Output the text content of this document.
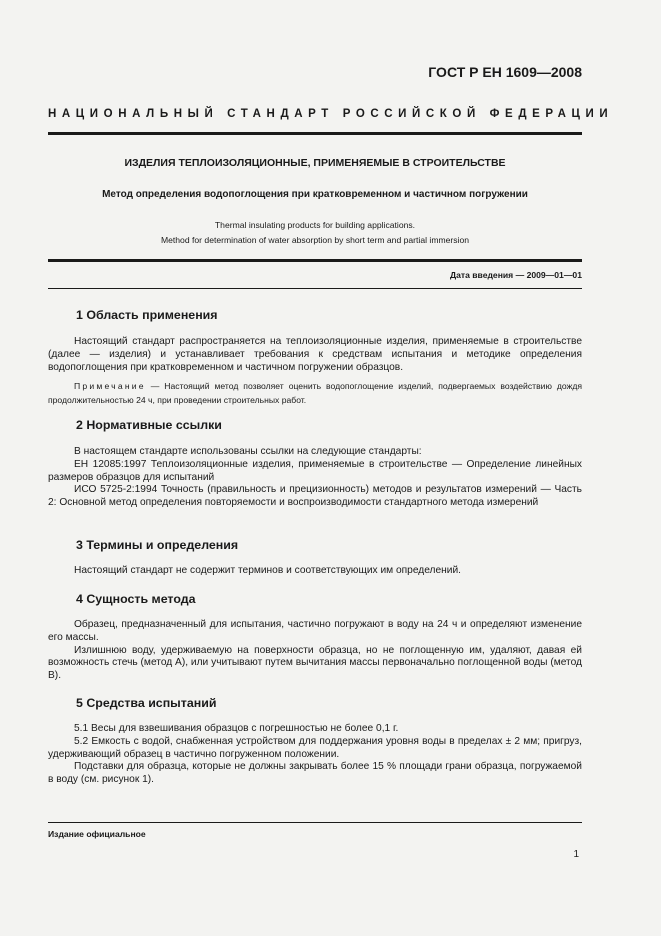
ГОСТ Р ЕН 1609—2008
НАЦИОНАЛЬНЫЙ СТАНДАРТ РОССИЙСКОЙ ФЕДЕРАЦИИ
ИЗДЕЛИЯ ТЕПЛОИЗОЛЯЦИОННЫЕ, ПРИМЕНЯЕМЫЕ В СТРОИТЕЛЬСТВЕ
Метод определения водопоглощения при кратковременном и частичном погружении
Thermal insulating products for building applications.
Method for determination of water absorption by short term and partial immersion
Дата введения — 2009—01—01
1 Область применения

Настоящий стандарт распространяется на теплоизоляционные изделия, применяемые в строительстве (далее — изделия) и устанавливает требования к средствам испытания и методике определения водопоглощения при кратковременном и частичном погружении образцов.

Примечание — Настоящий метод позволяет оценить водопоглощение изделий, подвергаемых воздействию дождя продолжительностью 24 ч, при проведении строительных работ.

2 Нормативные ссылки

В настоящем стандарте использованы ссылки на следующие стандарты:

ЕН 12085:1997 Теплоизоляционные изделия, применяемые в строительстве — Определение линейных размеров образцов для испытаний

ИСО 5725-2:1994 Точность (правильность и прецизионность) методов и результатов измерений — Часть 2: Основной метод определения повторяемости и воспроизводимости стандартного метода измерений

3 Термины и определения

Настоящий стандарт не содержит терминов и соответствующих им определений.

4 Сущность метода

Образец, предназначенный для испытания, частично погружают в воду на 24 ч и определяют изменение его массы.

Излишнюю воду, удерживаемую на поверхности образца, но не поглощенную им, удаляют, давая ей возможность стечь (метод А), или учитывают путем вычитания массы первоначально поглощенной воды (метод В).

5 Средства испытаний

5.1 Весы для взвешивания образцов с погрешностью не более 0,1 г.

5.2 Емкость с водой, снабженная устройством для поддержания уровня воды в пределах ± 2 мм; пригруз, удерживающий образец в частично погруженном положении.

Подставки для образца, которые не должны закрывать более 15 % площади грани образца, погружаемой в воду (см. рисунок 1).

Издание официальное
1
